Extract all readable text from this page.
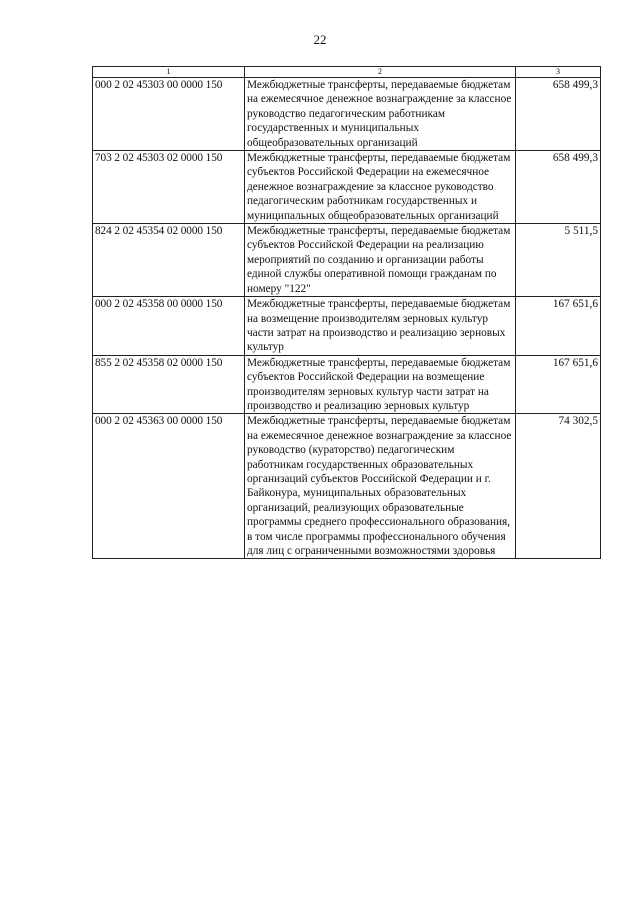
22
1	2	3
000 2 02 45303 00 0000 150	Межбюджетные трансферты, передаваемые бюджетам на ежемесячное денежное вознаграждение за классное руководство педагогическим работникам государственных и муниципальных общеобразовательных организаций	658 499,3
703 2 02 45303 02 0000 150	Межбюджетные трансферты, передаваемые бюджетам субъектов Российской Федерации на ежемесячное денежное вознаграждение за классное руководство педагогическим работникам государственных и муниципальных общеобразовательных организаций	658 499,3
824 2 02 45354 02 0000 150	Межбюджетные трансферты, передаваемые бюджетам субъектов Российской Федерации на реализацию мероприятий по созданию и организации работы единой службы оперативной помощи гражданам по номеру "122"	5 511,5
000 2 02 45358 00 0000 150	Межбюджетные трансферты, передаваемые бюджетам на возмещение производителям зерновых культур части затрат на производство и реализацию зерновых культур	167 651,6
855 2 02 45358 02 0000 150	Межбюджетные трансферты, передаваемые бюджетам субъектов Российской Федерации на возмещение производителям зерновых культур части затрат на производство и реализацию зерновых культур	167 651,6
000 2 02 45363 00 0000 150	Межбюджетные трансферты, передаваемые бюджетам на ежемесячное денежное вознаграждение за классное руководство (кураторство) педагогическим работникам государственных образовательных организаций субъектов Российской Федерации и г. Байконура, муниципальных образовательных организаций, реализующих образовательные программы среднего профессионального образования, в том числе программы профессионального обучения для лиц с ограниченными возможностями здоровья	74 302,5
